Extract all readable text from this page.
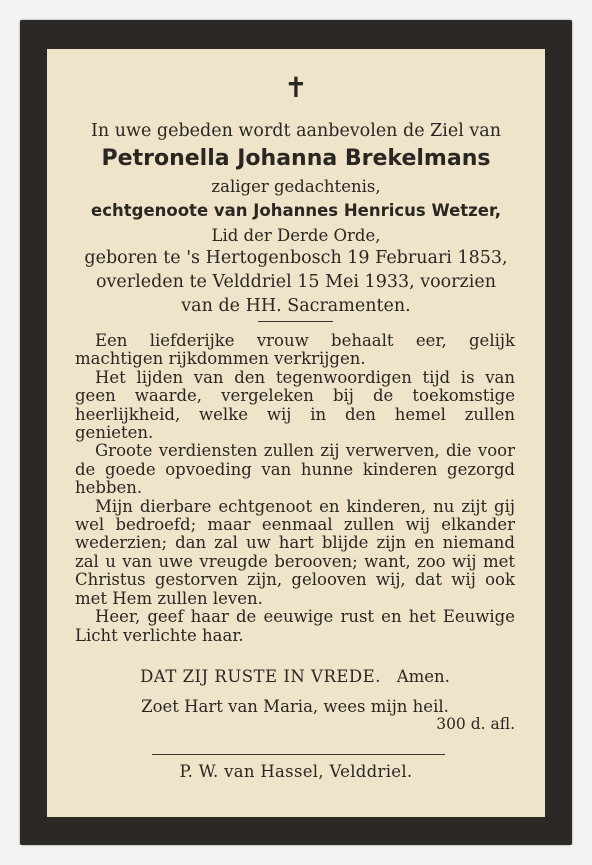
✝
In uwe gebeden wordt aanbevolen de Ziel van
Petronella Johanna Brekelmans
zaliger gedachtenis,
echtgenoote van Johannes Henricus Wetzer,
Lid der Derde Orde,
geboren te 's Hertogenbosch 19 Februari 1853,
overleden te Velddriel 15 Mei 1933, voorzien
van de HH. Sacramenten.

Een liefderijke vrouw behaalt eer, gelijk machtigen rijkdommen verkrijgen.

Het lijden van den tegenwoordigen tijd is van geen waarde, vergeleken bij de toekomstige heerlijkheid, welke wij in den hemel zullen genieten.

Groote verdiensten zullen zij verwerven, die voor de goede opvoeding van hunne kinderen gezorgd hebben.

Mijn dierbare echtgenoot en kinderen, nu zijt gij wel bedroefd; maar eenmaal zullen wij elkander wederzien; dan zal uw hart blijde zijn en niemand zal u van uwe vreugde berooven; want, zoo wij met Christus gestorven zijn, gelooven wij, dat wij ook met Hem zullen leven.

Heer, geef haar de eeuwige rust en het Eeuwige Licht verlichte haar.

DAT ZIJ RUSTE IN VREDE. Amen.
Zoet Hart van Maria, wees mijn heil.
300 d. afl.
P. W. van Hassel, Velddriel.
